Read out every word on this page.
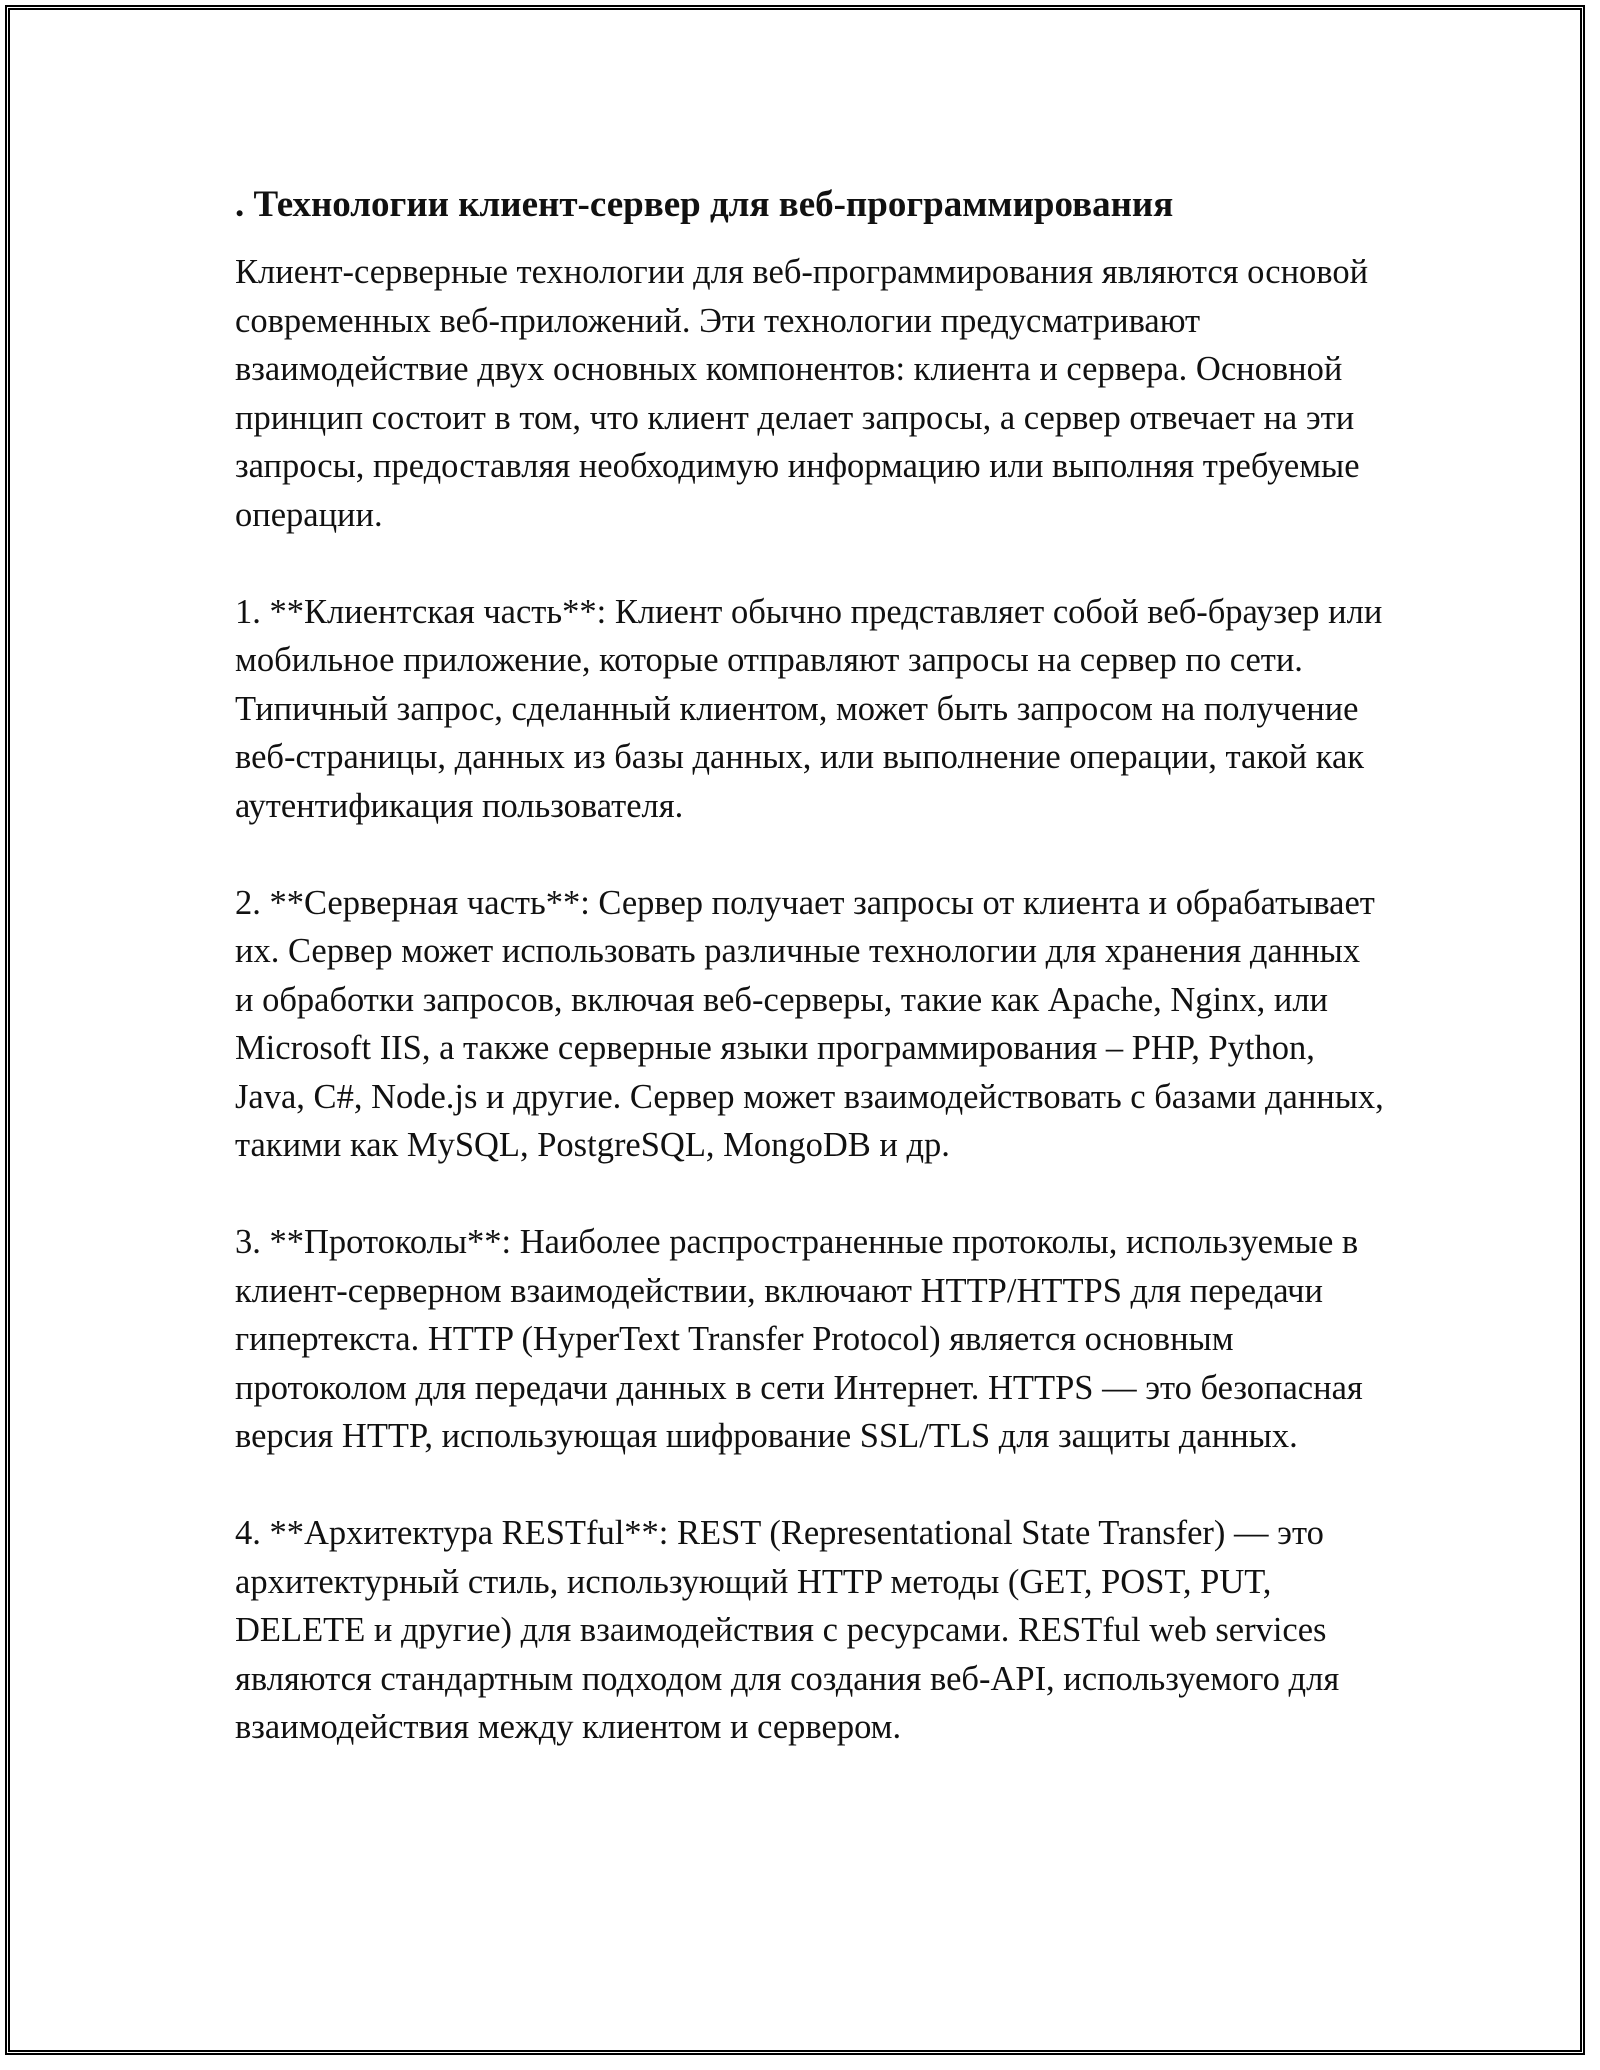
. Технологии клиент-сервер для веб-программирования

Клиент-серверные технологии для веб-программирования являются основой современных веб-приложений. Эти технологии предусматривают взаимодействие двух основных компонентов: клиента и сервера. Основной принцип состоит в том, что клиент делает запросы, а сервер отвечает на эти запросы, предоставляя необходимую информацию или выполняя требуемые операции.

1. **Клиентская часть**: Клиент обычно представляет собой веб-браузер или мобильное приложение, которые отправляют запросы на сервер по сети. Типичный запрос, сделанный клиентом, может быть запросом на получение веб-страницы, данных из базы данных, или выполнение операции, такой как аутентификация пользователя.

2. **Серверная часть**: Сервер получает запросы от клиента и обрабатывает их. Сервер может использовать различные технологии для хранения данных и обработки запросов, включая веб-серверы, такие как Apache, Nginx, или Microsoft IIS, а также серверные языки программирования – PHP, Python, Java, C#, Node.js и другие. Сервер может взаимодействовать с базами данных, такими как MySQL, PostgreSQL, MongoDB и др.

3. **Протоколы**: Наиболее распространенные протоколы, используемые в клиент-серверном взаимодействии, включают HTTP/HTTPS для передачи гипертекста. HTTP (HyperText Transfer Protocol) является основным протоколом для передачи данных в сети Интернет. HTTPS — это безопасная версия HTTP, использующая шифрование SSL/TLS для защиты данных.

4. **Архитектура RESTful**: REST (Representational State Transfer) — это архитектурный стиль, использующий HTTP методы (GET, POST, PUT, DELETE и другие) для взаимодействия с ресурсами. RESTful web services являются стандартным подходом для создания веб-API, используемого для взаимодействия между клиентом и сервером.
